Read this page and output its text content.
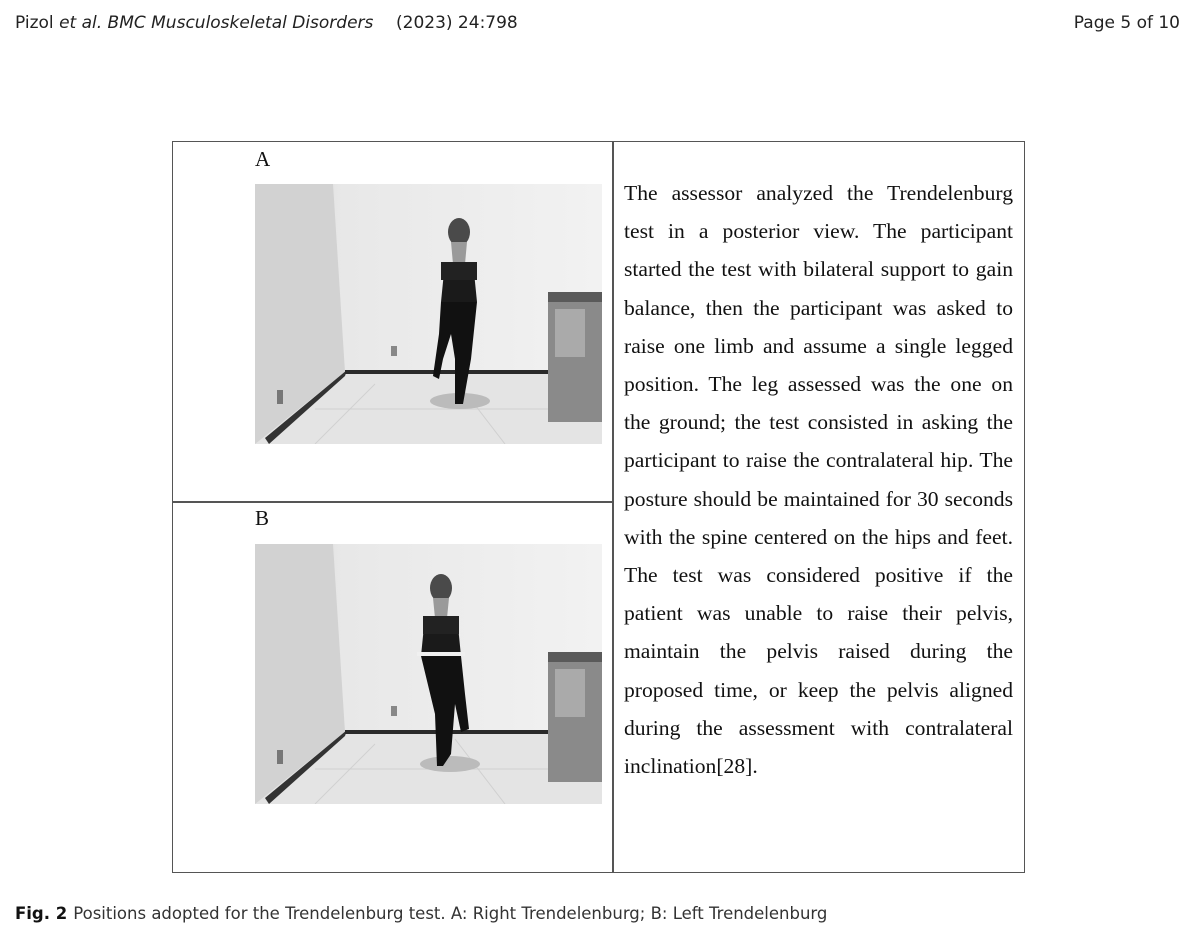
Pizol et al. BMC Musculoskeletal Disorders (2023) 24:798	Page 5 of 10
A
B
The assessor analyzed the Trendelenburg test in a posterior view. The participant started the test with bilateral support to gain balance, then the participant was asked to raise one limb and assume a single legged position. The leg assessed was the one on the ground; the test consisted in asking the participant to raise the contralateral hip. The posture should be maintained for 30 seconds with the spine centered on the hips and feet. The test was considered positive if the patient was unable to raise their pelvis, maintain the pelvis raised during the proposed time, or keep the pelvis aligned during the assessment with contralateral inclination[28].
Fig. 2 Positions adopted for the Trendelenburg test. A: Right Trendelenburg; B: Left Trendelenburg
